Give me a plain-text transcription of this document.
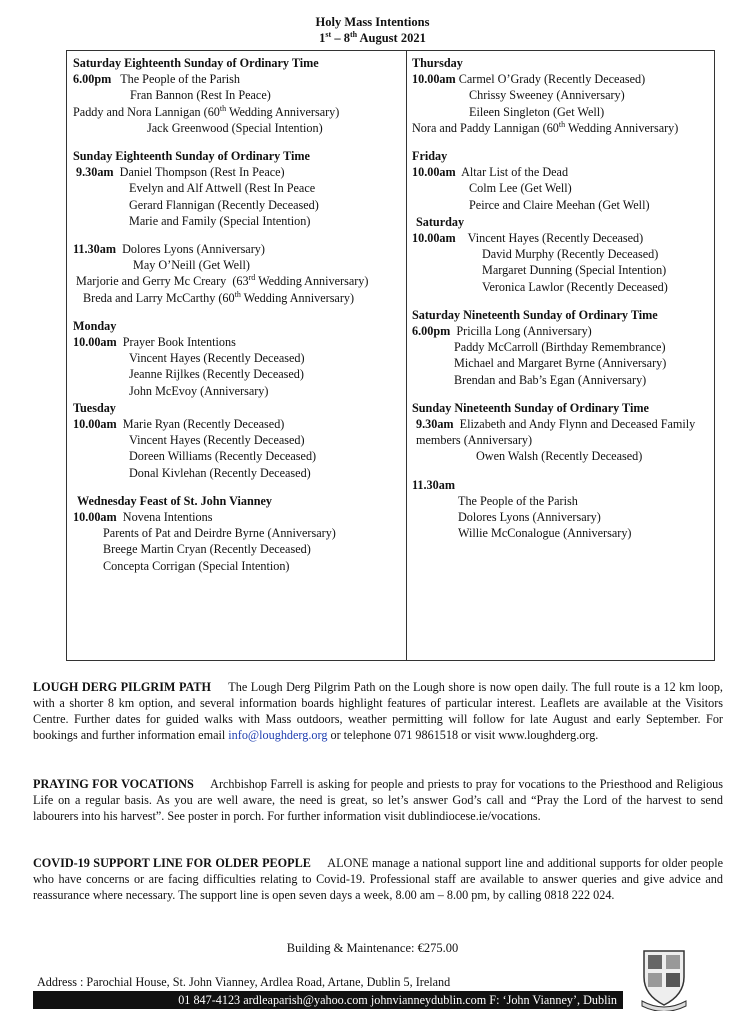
Holy Mass Intentions
1st – 8th August 2021
Saturday Eighteenth Sunday of Ordinary Time
6.00pm The People of the Parish
Fran Bannon (Rest In Peace)
Paddy and Nora Lannigan (60th Wedding Anniversary)
Jack Greenwood (Special Intention)
Sunday Eighteenth Sunday of Ordinary Time
9.30am Daniel Thompson (Rest In Peace)
Evelyn and Alf Attwell (Rest In Peace
Gerard Flannigan (Recently Deceased)
Marie and Family (Special Intention)
11.30am Dolores Lyons (Anniversary)
May O’Neill (Get Well)
Marjorie and Gerry Mc Creary  (63rd Wedding Anniversary)
Breda and Larry McCarthy (60th Wedding Anniversary)
Monday
10.00am Prayer Book Intentions
Vincent Hayes (Recently Deceased)
Jeanne Rijlkes (Recently Deceased)
John McEvoy (Anniversary)
Tuesday
10.00am Marie Ryan (Recently Deceased)
Vincent Hayes (Recently Deceased)
Doreen Williams (Recently Deceased)
Donal Kivlehan (Recently Deceased)
Wednesday Feast of St. John Vianney
10.00am Novena Intentions
Parents of Pat and Deirdre Byrne (Anniversary)
Breege Martin Cryan (Recently Deceased)
Concepta Corrigan (Special Intention)
Thursday
10.00am Carmel O’Grady (Recently Deceased)
Chrissy Sweeney (Anniversary)
Eileen Singleton (Get Well)
Nora and Paddy Lannigan (60th Wedding Anniversary)
Friday
10.00am Altar List of the Dead
Colm Lee (Get Well)
Peirce and Claire Meehan (Get Well)
Saturday
10.00am Vincent Hayes (Recently Deceased)
David Murphy (Recently Deceased)
Margaret Dunning (Special Intention)
Veronica Lawlor (Recently Deceased)
Saturday Nineteenth Sunday of Ordinary Time
6.00pm Pricilla Long (Anniversary)
Paddy McCarroll (Birthday Remembrance)
Michael and Margaret Byrne (Anniversary)
Brendan and Bab’s Egan (Anniversary)
Sunday Nineteenth Sunday of Ordinary Time
9.30am Elizabeth and Andy Flynn and Deceased Family members (Anniversary)
Owen Walsh (Recently Deceased)
11.30am
The People of the Parish
Dolores Lyons (Anniversary)
Willie McConalogue (Anniversary)
LOUGH DERG PILGRIM PATH The Lough Derg Pilgrim Path on the Lough shore is now open daily. The full route is a 12 km loop, with a shorter 8 km option, and several information boards highlight features of particular interest. Leaflets are available at the Visitors Centre. Further dates for guided walks with Mass outdoors, weather permitting will follow for late August and early September. For bookings and further information email info@loughderg.org or telephone 071 9861518 or visit www.loughderg.org.
PRAYING FOR VOCATIONS Archbishop Farrell is asking for people and priests to pray for vocations to the Priesthood and Religious Life on a regular basis. As you are well aware, the need is great, so let’s answer God’s call and “Pray the Lord of the harvest to send labourers into his harvest”. See poster in porch. For further information visit dublindiocese.ie/vocations.
COVID-19 SUPPORT LINE FOR OLDER PEOPLE ALONE manage a national support line and additional supports for older people who have concerns or are facing difficulties relating to Covid-19. Professional staff are available to answer queries and give advice and reassurance where necessary. The support line is open seven days a week, 8.00 am – 8.00 pm, by calling 0818 222 024.
Building & Maintenance: €275.00
Address : Parochial House, St. John Vianney, Ardlea Road, Artane, Dublin 5, Ireland
01 847-4123 ardleaparish@yahoo.com johnvianneydublin.com F: ‘John Vianney’, Dublin
